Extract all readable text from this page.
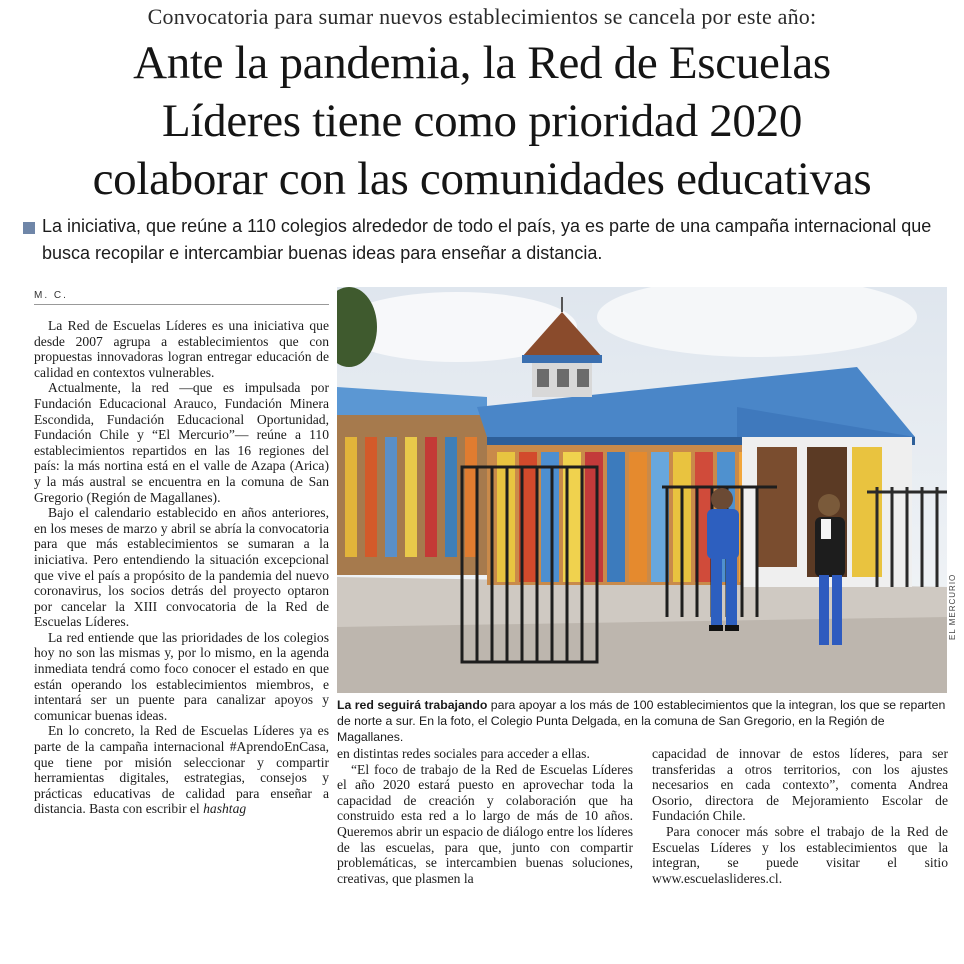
Convocatoria para sumar nuevos establecimientos se cancela por este año:
Ante la pandemia, la Red de Escuelas
Líderes tiene como prioridad 2020
colaborar con las comunidades educativas
La iniciativa, que reúne a 110 colegios alrededor de todo el país, ya es parte de una campaña internacional que busca recopilar e intercambiar buenas ideas para enseñar a distancia.
M. C.

La Red de Escuelas Líderes es una iniciativa que desde 2007 agrupa a establecimientos que con propuestas innovadoras logran entregar educación de calidad en contextos vulnerables.

Actualmente, la red —que es impulsada por Fundación Educacional Arauco, Fundación Minera Escondida, Fundación Educacional Oportunidad, Fundación Chile y “El Mercurio”— reúne a 110 establecimientos repartidos en las 16 regiones del país: la más nortina está en el valle de Azapa (Arica) y la más austral se encuentra en la comuna de San Gregorio (Región de Magallanes).

Bajo el calendario establecido en años anteriores, en los meses de marzo y abril se abría la convocatoria para que más establecimientos se sumaran a la iniciativa. Pero entendiendo la situación excepcional que vive el país a propósito de la pandemia del nuevo coronavirus, los socios detrás del proyecto optaron por cancelar la XIII convocatoria de la Red de Escuelas Líderes.

La red entiende que las prioridades de los colegios hoy no son las mismas y, por lo mismo, en la agenda inmediata tendrá como foco conocer el estado en que están operando los establecimientos miembros, e intentará ser un puente para canalizar apoyos y comunicar buenas ideas.

En lo concreto, la Red de Escuelas Líderes ya es parte de la campaña internacional #AprendoEnCasa, que tiene por misión seleccionar y compartir herramientas digitales, estrategias, consejos y prácticas educativas de calidad para enseñar a distancia. Basta con escribir el hashtag

EL MERCURIO
La red seguirá trabajando para apoyar a los más de 100 establecimientos que la integran, los que se reparten de norte a sur. En la foto, el Colegio Punta Delgada, en la comuna de San Gregorio, en la Región de Magallanes.

en distintas redes sociales para acceder a ellas.

“El foco de trabajo de la Red de Escuelas Líderes el año 2020 estará puesto en aprovechar toda la capacidad de creación y colaboración que ha construido esta red a lo largo de más de 10 años. Queremos abrir un espacio de diálogo entre los líderes de las escuelas, para que, junto con compartir problemáticas, se intercambien buenas soluciones, creativas, que plasmen la

capacidad de innovar de estos líderes, para ser transferidas a otros territorios, con los ajustes necesarios en cada contexto”, comenta Andrea Osorio, directora de Mejoramiento Escolar de Fundación Chile.

Para conocer más sobre el trabajo de la Red de Escuelas Líderes y los establecimientos que la integran, se puede visitar el sitio www.escuelaslideres.cl.
